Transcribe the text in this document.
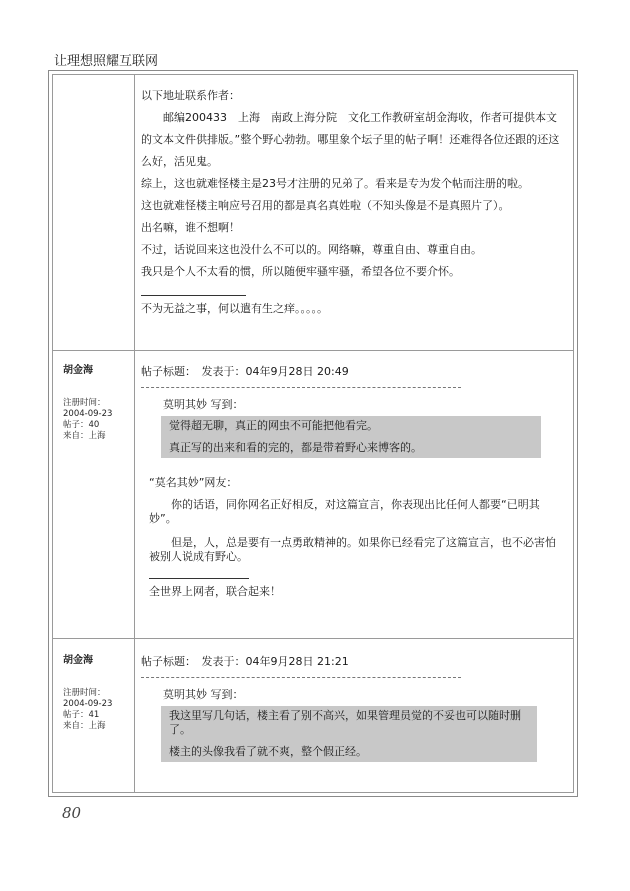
让理想照耀互联网

以下地址联系作者：

邮编200433　上海　南政上海分院　文化工作教研室胡金海收，作者可提供本文的文本文件供排版。”整个野心勃勃。哪里象个坛子里的帖子啊！还难得各位还跟的还这么好，活见鬼。

综上，这也就难怪楼主是23号才注册的兄弟了。看来是专为发个帖而注册的啦。

这也就难怪楼主响应号召用的都是真名真姓啦（不知头像是不是真照片了）。

出名嘛，谁不想啊！

不过，话说回来这也没什么不可以的。网络嘛，尊重自由、尊重自由。

我只是个人不太看的惯，所以随便牢骚牢骚，希望各位不要介怀。

不为无益之事，何以遣有生之痒。。。。。

胡金海

注册时间：

2004-09-23

帖子：40

来自：上海

帖子标题：　发表于：04年9月28日 20:49

莫明其妙 写到：

觉得超无聊，真正的网虫不可能把他看完。

真正写的出来和看的完的，都是带着野心来博客的。

“莫名其妙”网友：

你的话语，同你网名正好相反，对这篇宣言，你表现出比任何人都要“已明其妙”。

但是，人，总是要有一点勇敢精神的。如果你已经看完了这篇宣言，也不必害怕被别人说成有野心。

全世界上网者，联合起来！

胡金海

注册时间：

2004-09-23

帖子：41

来自：上海

帖子标题：　发表于：04年9月28日 21:21

莫明其妙 写到：

我这里写几句话，楼主看了别不高兴，如果管理员觉的不妥也可以随时删了。

楼主的头像我看了就不爽，整个假正经。

80
